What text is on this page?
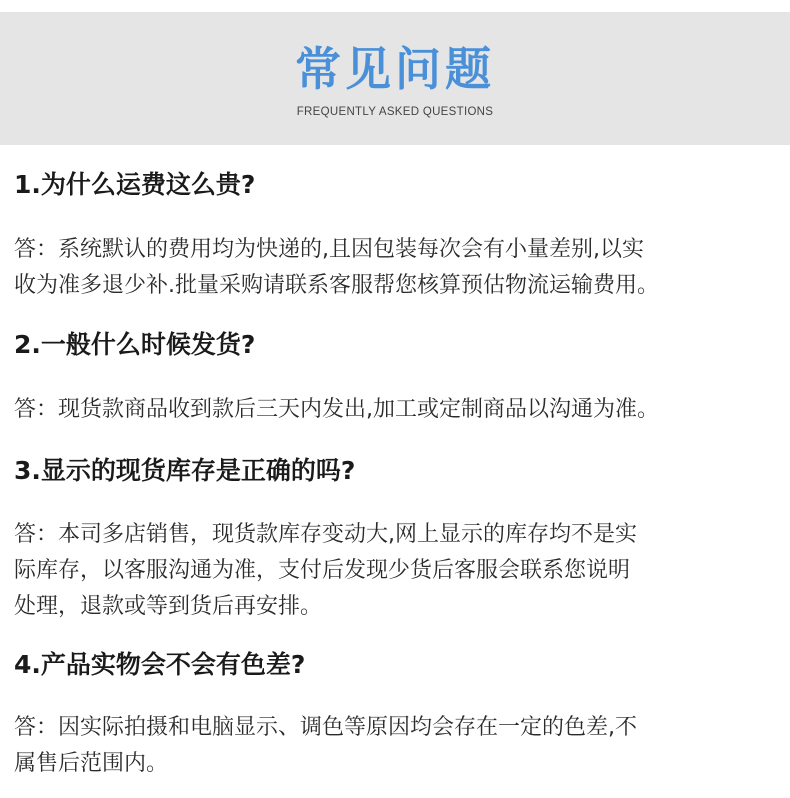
常见问题
FREQUENTLY ASKED QUESTIONS
1.为什么运费这么贵?
答：系统默认的费用均为快递的,且因包装每次会有小量差别,以实
收为准多退少补.批量采购请联系客服帮您核算预估物流运输费用。
2.一般什么时候发货?
答：现货款商品收到款后三天内发出,加工或定制商品以沟通为准。
3.显示的现货库存是正确的吗?
答：本司多店销售，现货款库存变动大,网上显示的库存均不是实
际库存，以客服沟通为准，支付后发现少货后客服会联系您说明
处理，退款或等到货后再安排。
4.产品实物会不会有色差?
答：因实际拍摄和电脑显示、调色等原因均会存在一定的色差,不
属售后范围内。
